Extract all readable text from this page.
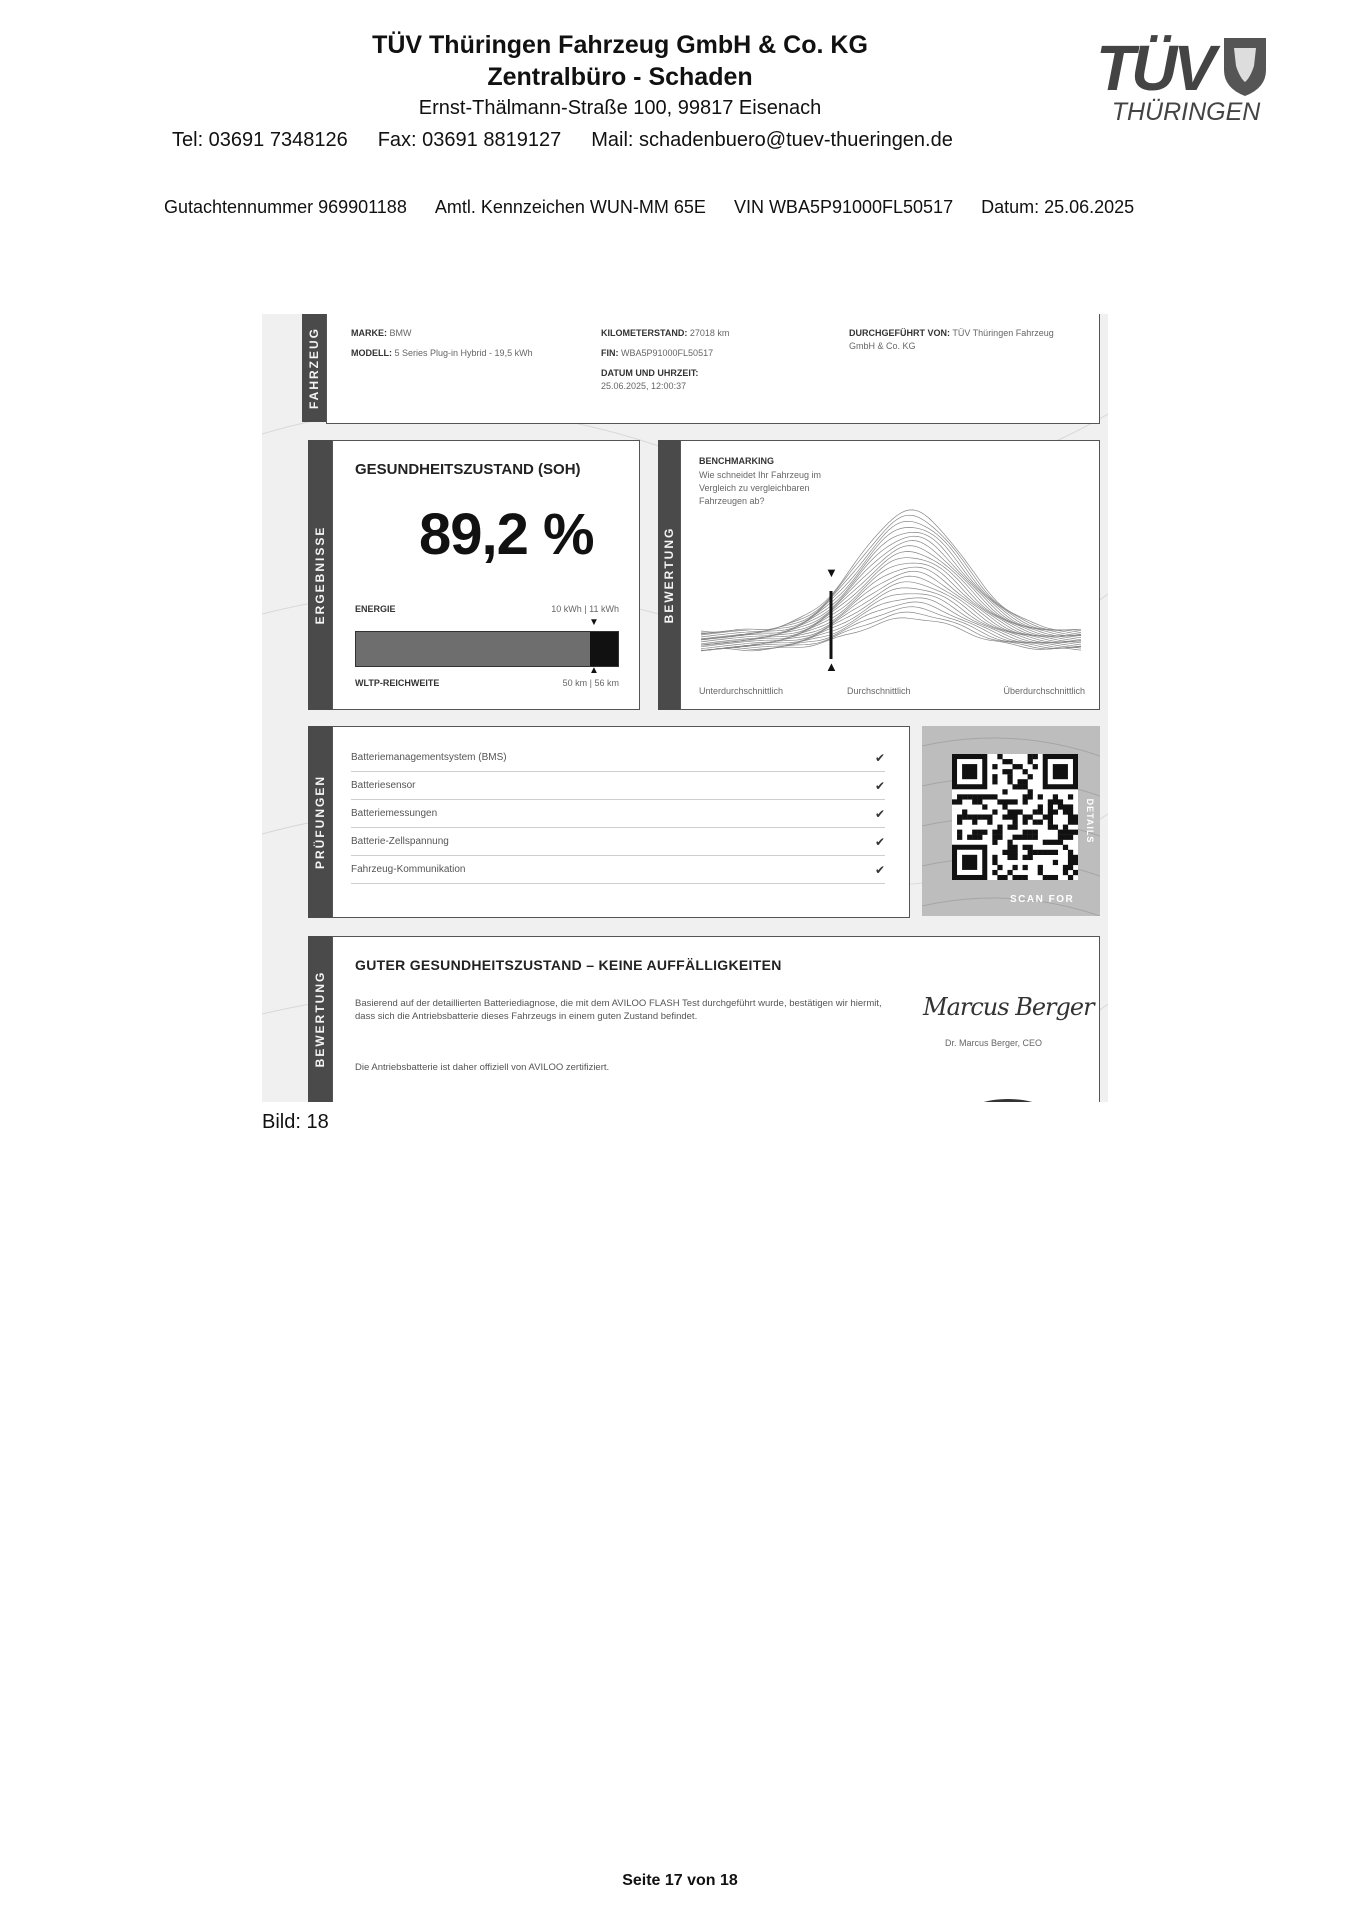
TÜV Thüringen Fahrzeug GmbH & Co. KG
Zentralbüro - Schaden
Ernst-Thälmann-Straße 100, 99817 Eisenach
Tel: 03691 7348126 Fax: 03691 8819127 Mail: schadenbuero@tuev-thueringen.de
TÜV
THÜRINGEN
Gutachtennummer 969901188 Amtl. Kennzeichen WUN-MM 65E VIN WBA5P91000FL50517 Datum: 25.06.2025
FAHRZEUG	MARKE: BMW
MODELL: 5 Series Plug-in Hybrid - 19,5 kWh
KILOMETERSTAND: 27018 km
FIN: WBA5P91000FL50517
DATUM UND UHRZEIT:
25.06.2025, 12:00:37
DURCHGEFÜHRT VON: TÜV Thüringen Fahrzeug GmbH & Co. KG
ERGEBNISSE
GESUNDHEITSZUSTAND (SOH)
89,2 %
ENERGIE	10 kWh | 11 kWh
▼
▲
WLTP-REICHWEITE	50 km | 56 km
BEWERTUNG
BENCHMARKING
Wie schneidet Ihr Fahrzeug im Vergleich zu vergleichbaren Fahrzeugen ab?
▼
▲
Unterdurchschnittlich	Durchschnittlich	Überdurchschnittlich
PRÜFUNGEN
Batteriemanagementsystem (BMS)	✔
Batteriesensor	✔
Batteriemessungen	✔
Batterie-Zellspannung	✔
Fahrzeug-Kommunikation	✔
DETAILS
SCAN FOR
BEWERTUNG
GUTER GESUNDHEITSZUSTAND – KEINE AUFFÄLLIGKEITEN
Basierend auf der detaillierten Batteriediagnose, die mit dem AVILOO FLASH Test durchgeführt wurde, bestätigen wir hiermit, dass sich die Antriebsbatterie dieses Fahrzeugs in einem guten Zustand befindet.
Die Antriebsbatterie ist daher offiziell von AVILOO zertifiziert.
Marcus Berger
Dr. Marcus Berger, CEO
Bild: 18
Seite 17 von 18
